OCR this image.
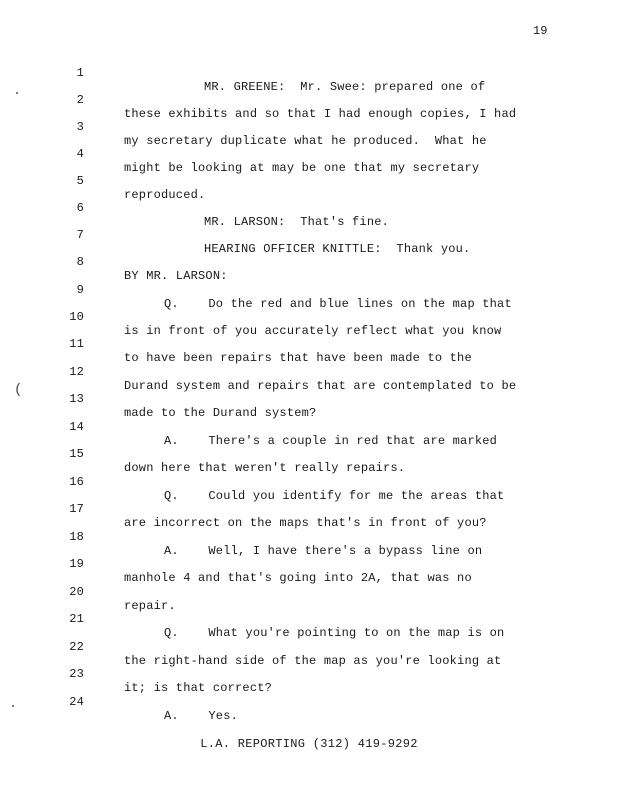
19

1

MR. GREENE:  Mr. Swee: prepared one of

2

these exhibits and so that I had enough copies, I had

3

my secretary duplicate what he produced.  What he

4

might be looking at may be one that my secretary

5

reproduced.

6

MR. LARSON:  That's fine.

7

HEARING OFFICER KNITTLE:  Thank you.

8

BY MR. LARSON:

9

Q.    Do the red and blue lines on the map that

10

is in front of you accurately reflect what you know

11

to have been repairs that have been made to the

12

Durand system and repairs that are contemplated to be

13

made to the Durand system?

14

A.    There's a couple in red that are marked

15

down here that weren't really repairs.

16

Q.    Could you identify for me the areas that

17

are incorrect on the maps that's in front of you?

18

A.    Well, I have there's a bypass line on

19

manhole 4 and that's going into 2A, that was no

20

repair.

21

Q.    What you're pointing to on the map is on

22

the right-hand side of the map as you're looking at

23

it; is that correct?

24

A.    Yes.

L.A. REPORTING (312) 419-9292
(
